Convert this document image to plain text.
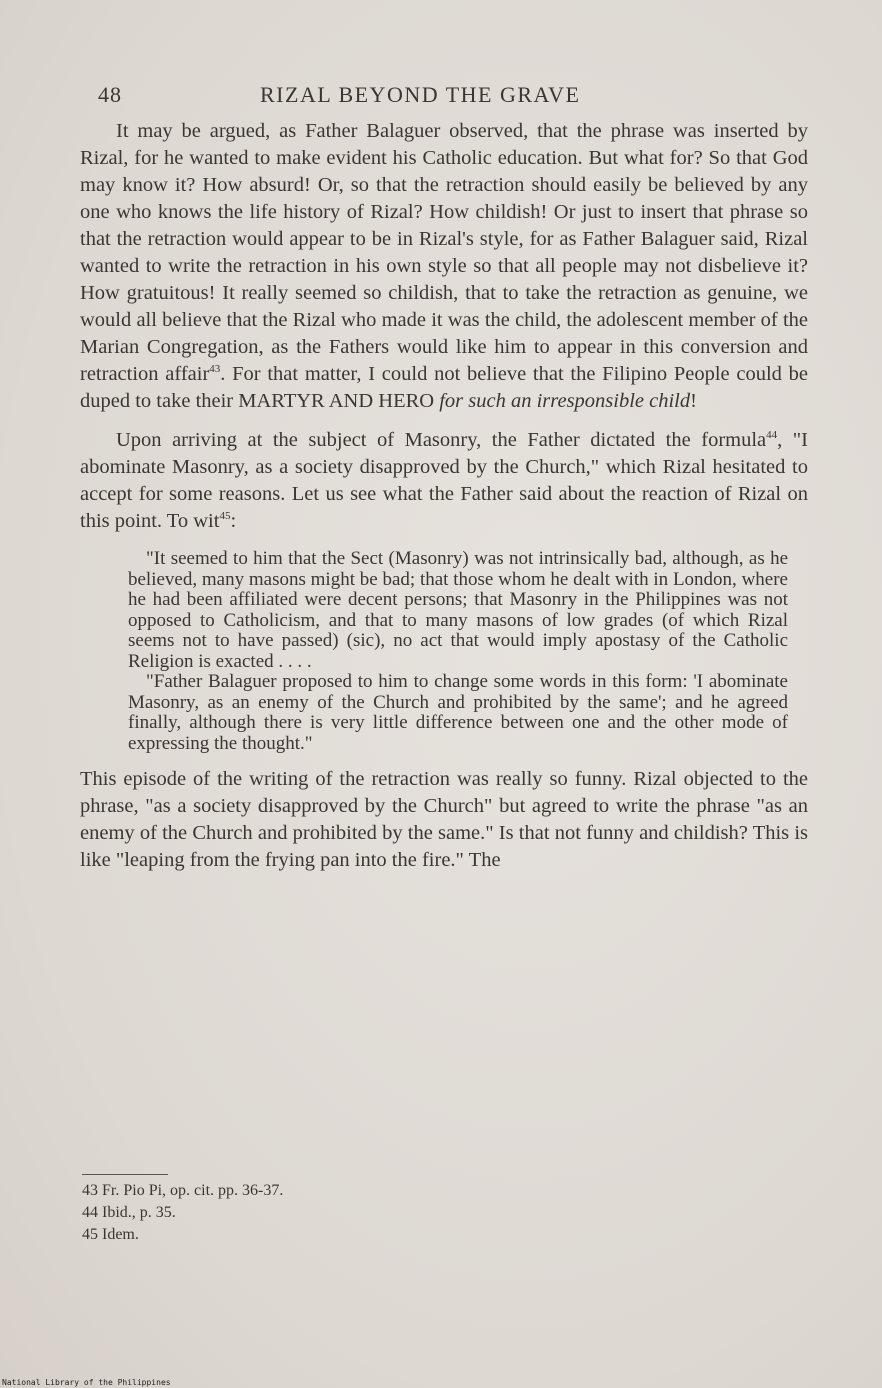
48	RIZAL BEYOND THE GRAVE

It may be argued, as Father Balaguer observed, that the phrase was inserted by Rizal, for he wanted to make evident his Catholic education. But what for? So that God may know it? How absurd! Or, so that the retraction should easily be believed by any one who knows the life history of Rizal? How childish! Or just to insert that phrase so that the retraction would appear to be in Rizal's style, for as Father Balaguer said, Rizal wanted to write the retraction in his own style so that all people may not disbelieve it? How gratuitous! It really seemed so childish, that to take the retraction as genuine, we would all believe that the Rizal who made it was the child, the adolescent member of the Marian Congregation, as the Fathers would like him to appear in this conversion and retraction affair$^{43}$. For that matter, I could not believe that the Filipino People could be duped to take their MARTYR AND HERO for such an irresponsible child!

Upon arriving at the subject of Masonry, the Father dictated the formula$^{44}$, "I abominate Masonry, as a society disapproved by the Church," which Rizal hesitated to accept for some reasons. Let us see what the Father said about the reaction of Rizal on this point. To wit$^{45}$:

"It seemed to him that the Sect (Masonry) was not intrinsically bad, although, as he believed, many masons might be bad; that those whom he dealt with in London, where he had been affiliated were decent persons; that Masonry in the Philippines was not opposed to Catholicism, and that to many masons of low grades (of which Rizal seems not to have passed) (sic), no act that would imply apostasy of the Catholic Religion is exacted . . . .

"Father Balaguer proposed to him to change some words in this form: 'I abominate Masonry, as an enemy of the Church and prohibited by the same'; and he agreed finally, although there is very little difference between one and the other mode of expressing the thought."

This episode of the writing of the retraction was really so funny. Rizal objected to the phrase, "as a society disapproved by the Church" but agreed to write the phrase "as an enemy of the Church and prohibited by the same." Is that not funny and childish? This is like "leaping from the frying pan into the fire." The

43 Fr. Pio Pi, op. cit. pp. 36-37.
44 Ibid., p. 35.
45 Idem.
National Library of the Philippines
